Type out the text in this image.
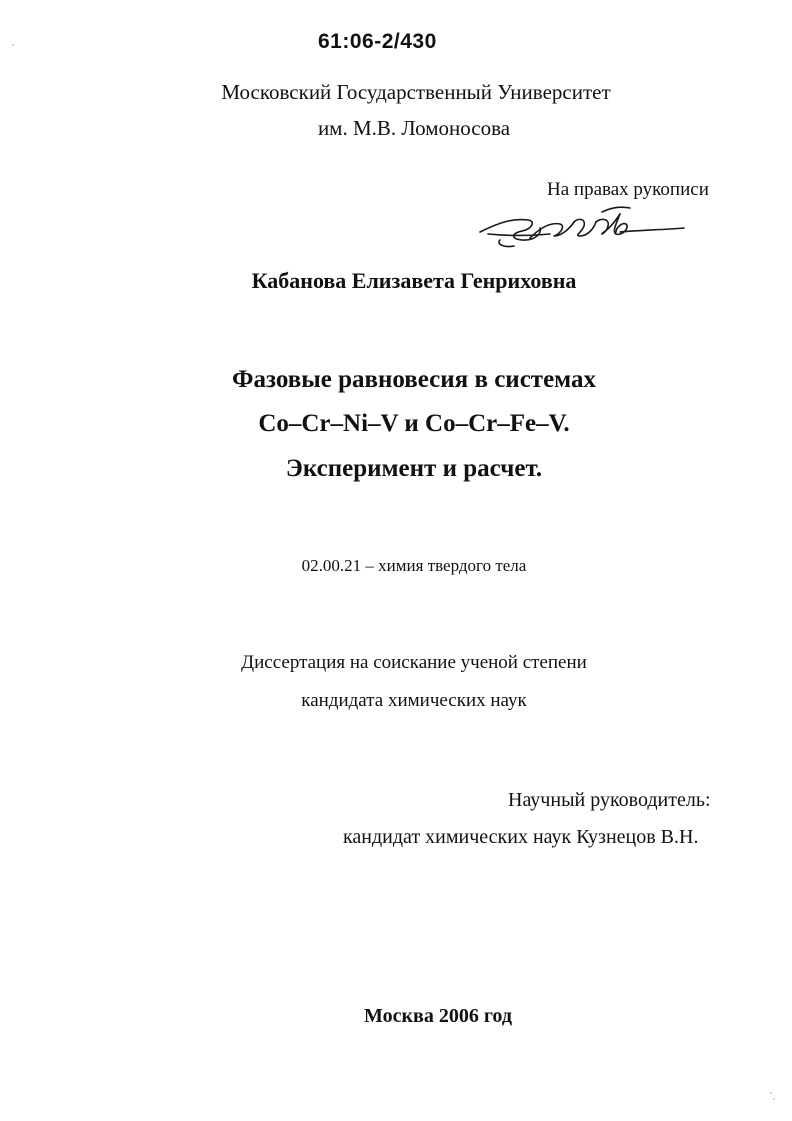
61:06-2/430
Московский Государственный Университет
им. М.В. Ломоносова
На правах рукописи
Кабанова Елизавета Генриховна
Фазовые равновесия в системах
Co–Cr–Ni–V и Co–Cr–Fe–V.
Эксперимент и расчет.
02.00.21 – химия твердого тела
Диссертация на соискание ученой степени
кандидата химических наук
Научный руководитель:
кандидат химических наук Кузнецов В.Н.
Москва 2006 год
